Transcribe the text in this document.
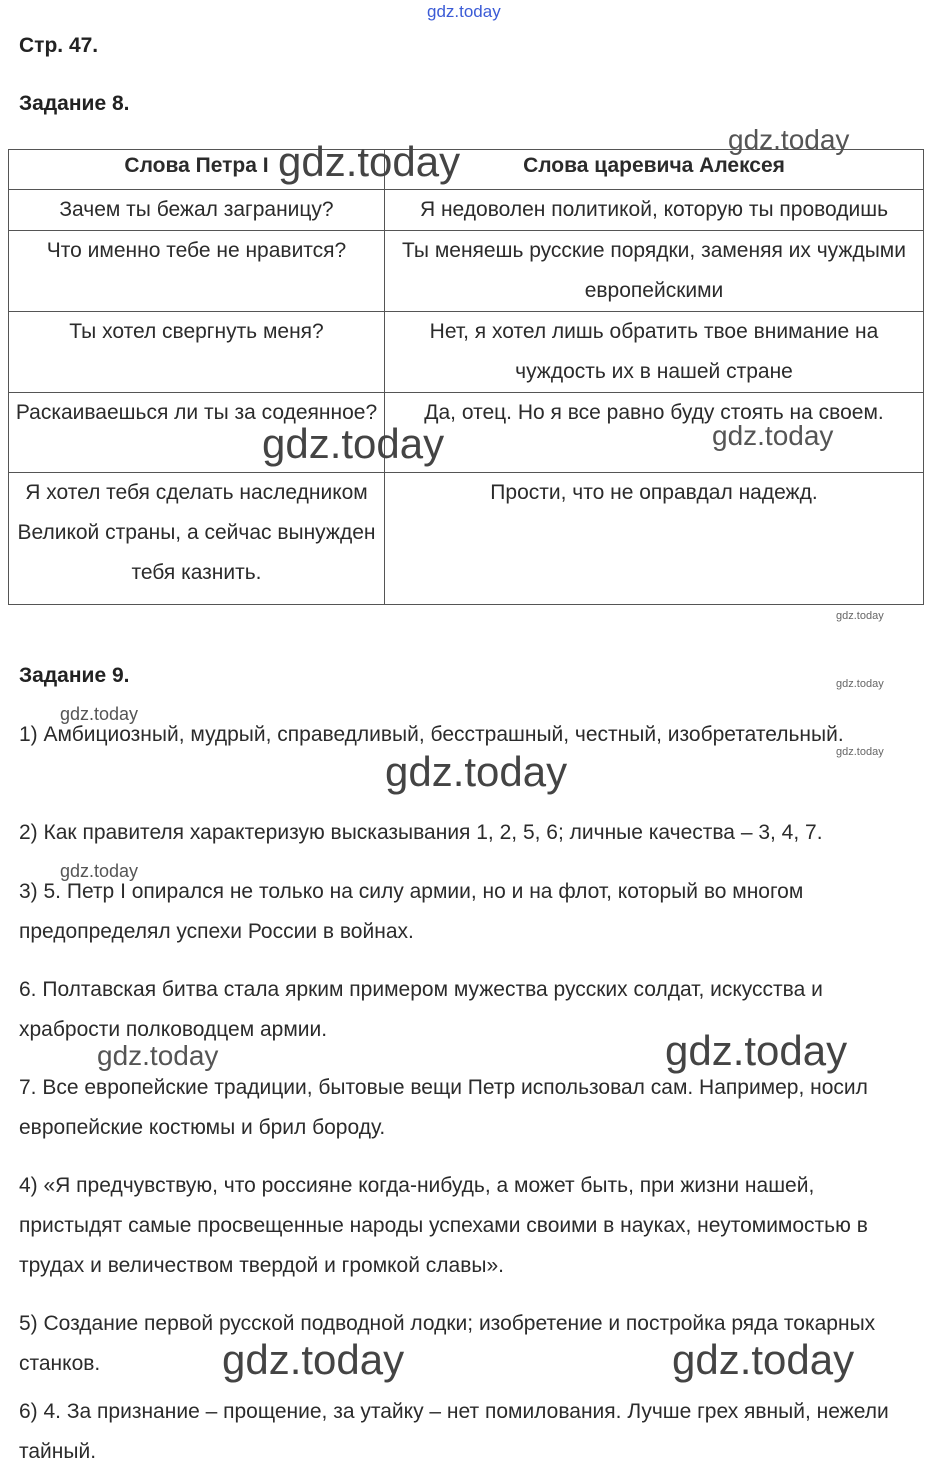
gdz.today
Стр. 47.
Задание 8.
Слова Петра I	Слова царевича Алексея
Зачем ты бежал заграницу?	Я недоволен политикой, которую ты проводишь
Что именно тебе не нравится?	Ты меняешь русские порядки, заменяя их чуждыми европейскими
Ты хотел свергнуть меня?	Нет, я хотел лишь обратить твое внимание на чуждость их в нашей стране
Раскаиваешься ли ты за содеянное?	Да, отец. Но я все равно буду стоять на своем.
Я хотел тебя сделать наследником Великой страны, а сейчас вынужден тебя казнить.	Прости, что не оправдал надежд.
Задание 9.
1) Амбициозный, мудрый, справедливый, бесстрашный, честный, изобретательный.
2) Как правителя характеризую высказывания 1, 2, 5, 6; личные качества – 3, 4, 7.
3) 5. Петр I опирался не только на силу армии, но и на флот, который во многом предопределял успехи России в войнах.
6. Полтавская битва стала ярким примером мужества русских солдат, искусства и храбрости полководцем армии.
7. Все европейские традиции, бытовые вещи Петр использовал сам. Например, носил европейские костюмы и брил бороду.
4) «Я предчувствую, что россияне когда-нибудь, а может быть, при жизни нашей, пристыдят самые просвещенные народы успехами своими в науках, неутомимостью в трудах и величеством твердой и громкой славы».
5) Создание первой русской подводной лодки; изобретение и постройка ряда токарных станков.
6) 4. За признание – прощение, за утайку – нет помилования. Лучше грех явный, нежели тайный.
gdz.today
gdz.today
gdz.today	gdz.today
gdz.today
gdz.today
gdz.today
gdz.today
gdz.today
gdz.today
gdz.today	gdz.today
gdz.today	gdz.today
